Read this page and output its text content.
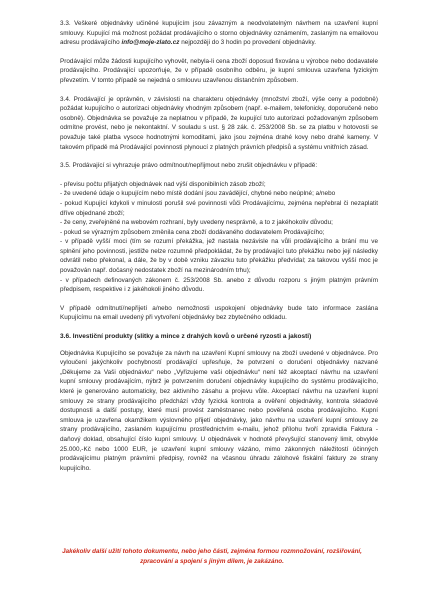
3.3. Veškeré objednávky učiněné kupujícím jsou závazným a neodvolatelným návrhem na uzavření kupní smlouvy. Kupující má možnost požádat prodávajícího o storno objednávky oznámením, zaslaným na emailovou adresu prodávajícího info@moje-zlato.cz nejpozději do 3 hodin po provedení objednávky.

Prodávající může žádosti kupujícího vyhovět, nebyla-li cena zboží doposud fixována u výrobce nebo dodavatele prodávajícího. Prodávající upozorňuje, že v případě osobního odběru, je kupní smlouva uzavřena fyzickým převzetím. V tomto případě se nejedná o smlouvu uzavřenou distančním způsobem.

3.4. Prodávající je oprávněn, v závislosti na charakteru objednávky (množství zboží, výše ceny a podobně) požádat kupujícího o autorizaci objednávky vhodným způsobem (např. e-mailem, telefonicky, doporučeně nebo osobně). Objednávka se považuje za neplatnou v případě, že kupující tuto autorizaci požadovaným způsobem odmítne provést, nebo je nekontaktní. V souladu s ust. § 28 zák. č. 253/2008 Sb. se za platbu v hotovosti se považuje také platba vysoce hodnotnými komoditami, jako jsou zejména drahé kovy nebo drahé kameny. V takovém případě má Prodávající povinnosti plynoucí z platných právních předpisů a systému vnitřních zásad.

3.5. Prodávající si vyhrazuje právo odmítnout/nepřijmout nebo zrušit objednávku v případě:

- převisu počtu přijatých objednávek nad výší disponibilních zásob zboží;

- že uvedené údaje o kupujícím nebo místě dodání jsou zavádějící, chybné nebo neúplné; a/nebo

- pokud Kupující kdykoli v minulosti porušil své povinnosti vůči Prodávajícímu, zejména nepřebral či nezaplatit dříve objednané zboží;

- že ceny, zveřejněné na webovém rozhraní, byly uvedeny nesprávně, a to z jakéhokoliv důvodu;

- pokud se výrazným způsobem změnila cena zboží dodávaného dodavatelem Prodávajícího;

- v případě vyšší moci (tím se rozumí překážka, jež nastala nezávisle na vůli prodávajícího a brání mu ve splnění jeho povinnosti, jestliže nelze rozumně předpokládat, že by prodávající tuto překážku nebo její následky odvrátil nebo překonal, a dále, že by v době vzniku závazku tuto překážku předvídal; za takovou vyšší moc je považován např. dočasný nedostatek zboží na mezinárodním trhu);

- v případech definovaných zákonem č. 253/2008 Sb. anebo z důvodu rozporu s jiným platným právním předpisem, respektive i z jakéhokoli jiného důvodu.

V případě odmítnutí/nepřijetí a/nebo nemožnosti uspokojení objednávky bude tato informace zaslána Kupujícímu na email uvedený při vytvoření objednávky bez zbytečného odkladu.

3.6. Investiční produkty (slitky a mince z drahých kovů o určené ryzosti a jakosti)

Objednávka Kupujícího se považuje za návrh na uzavření Kupní smlouvy na zboží uvedené v objednávce. Pro vyloučení jakýchkoliv pochybností prodávající upřesňuje, že potvrzení o doručení objednávky nazvané „Děkujeme za Vaši objednávku“ nebo „Vyřizujeme vaši objednávku“ není též akceptací návrhu na uzavření kupní smlouvy prodávajícím, nýbrž je potvrzením doručení objednávky kupujícího do systému prodávajícího, které je generováno automaticky, bez aktivního zásahu a projevu vůle. Akceptací návrhu na uzavření kupní smlouvy ze strany prodávajícího předchází vždy fyzická kontrola a ověření objednávky, kontrola skladové dostupnosti a další postupy, které musí provést zaměstnanec nebo pověřená osoba prodávajícího. Kupní smlouva je uzavřena okamžikem výslovného přijetí objednávky, jako návrhu na uzavření kupní smlouvy ze strany prodávajícího, zaslaném kupujícímu prostřednictvím e-mailu, jehož přílohu tvoří zpravidla Faktura - daňový doklad, obsahující číslo kupní smlouvy. U objednávek v hodnotě převyšující stanovený limit, obvykle 25.000,-Kč nebo 1000 EUR, je uzavření kupní smlouvy vázáno, mimo zákonných náležitostí účinných prodávajícímu platným právními předpisy, rovněž na včasnou úhradu zálohové fiskální faktury ze strany kupujícího.

Jakékoliv další užití tohoto dokumentu, nebo jeho části, zejména formou rozmnožování, rozšiřování,
zpracování a spojení s jiným dílem, je zakázáno.
